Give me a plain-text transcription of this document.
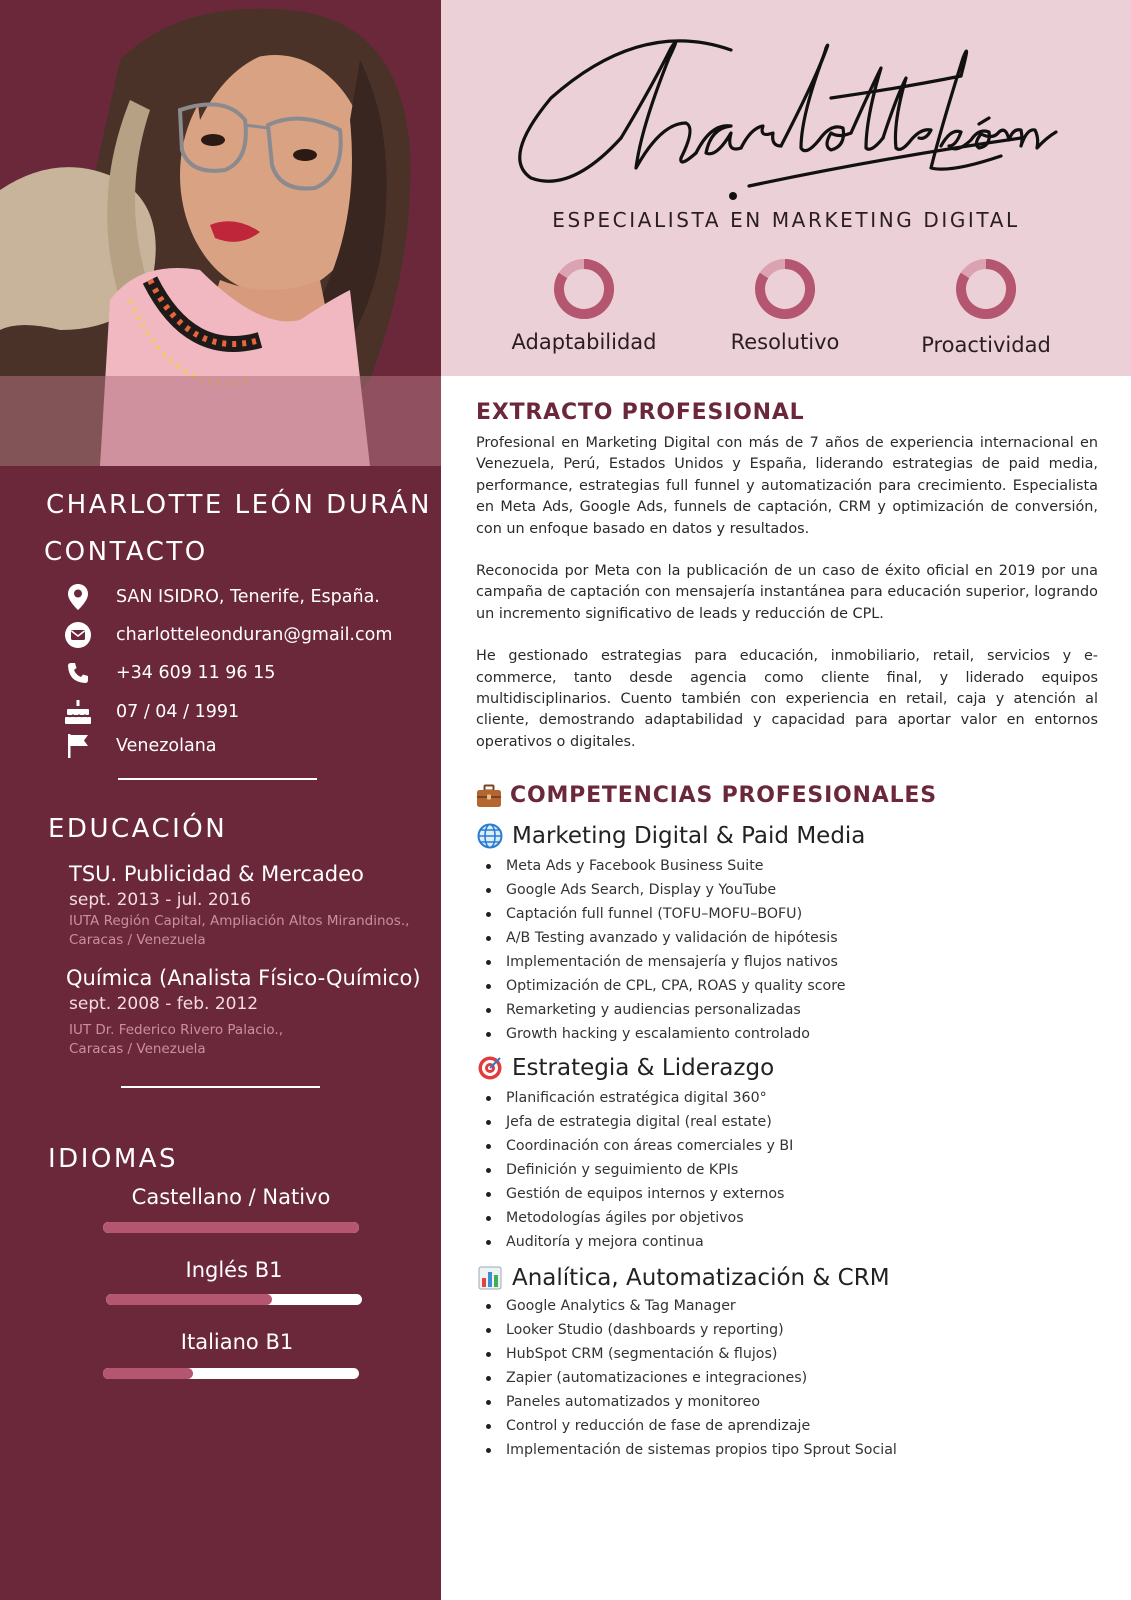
CHARLOTTE LEÓN DURÁN
CONTACTO
SAN ISIDRO, Tenerife, España.
charlotteleonduran@gmail.com
+34 609 11 96 15
07 / 04 / 1991
Venezolana
EDUCACIÓN
TSU. Publicidad & Mercadeo
sept. 2013 - jul. 2016
IUTA Región Capital, Ampliación Altos Mirandinos.,
Caracas / Venezuela
Química (Analista Físico-Químico)
sept. 2008 - feb. 2012
IUT Dr. Federico Rivero Palacio.,
Caracas / Venezuela
IDIOMAS
Castellano / Nativo
Inglés B1
Italiano B1
ESPECIALISTA EN MARKETING DIGITAL
Adaptabilidad	Resolutivo	Proactividad
EXTRACTO PROFESIONAL

Profesional en Marketing Digital con más de 7 años de experiencia internacional en Venezuela, Perú, Estados Unidos y España, liderando estrategias de paid media, performance, estrategias full funnel y automatización para crecimiento. Especialista en Meta Ads, Google Ads, funnels de captación, CRM y optimización de conversión, con un enfoque basado en datos y resultados.

Reconocida por Meta con la publicación de un caso de éxito oficial en 2019 por una campaña de captación con mensajería instantánea para educación superior, logrando un incremento significativo de leads y reducción de CPL.

He gestionado estrategias para educación, inmobiliario, retail, servicios y e-commerce, tanto desde agencia como cliente final, y liderado equipos multidisciplinarios. Cuento también con experiencia en retail, caja y atención al cliente, demostrando adaptabilidad y capacidad para aportar valor en entornos operativos o digitales.

COMPETENCIAS PROFESIONALES
Marketing Digital & Paid Media
Meta Ads y Facebook Business Suite
Google Ads Search, Display y YouTube
Captación full funnel (TOFU–MOFU–BOFU)
A/B Testing avanzado y validación de hipótesis
Implementación de mensajería y flujos nativos
Optimización de CPL, CPA, ROAS y quality score
Remarketing y audiencias personalizadas
Growth hacking y escalamiento controlado
Estrategia & Liderazgo
Planificación estratégica digital 360°
Jefa de estrategia digital (real estate)
Coordinación con áreas comerciales y BI
Definición y seguimiento de KPIs
Gestión de equipos internos y externos
Metodologías ágiles por objetivos
Auditoría y mejora continua
Analítica, Automatización & CRM
Google Analytics & Tag Manager
Looker Studio (dashboards y reporting)
HubSpot CRM (segmentación & flujos)
Zapier (automatizaciones e integraciones)
Paneles automatizados y monitoreo
Control y reducción de fase de aprendizaje
Implementación de sistemas propios tipo Sprout Social
